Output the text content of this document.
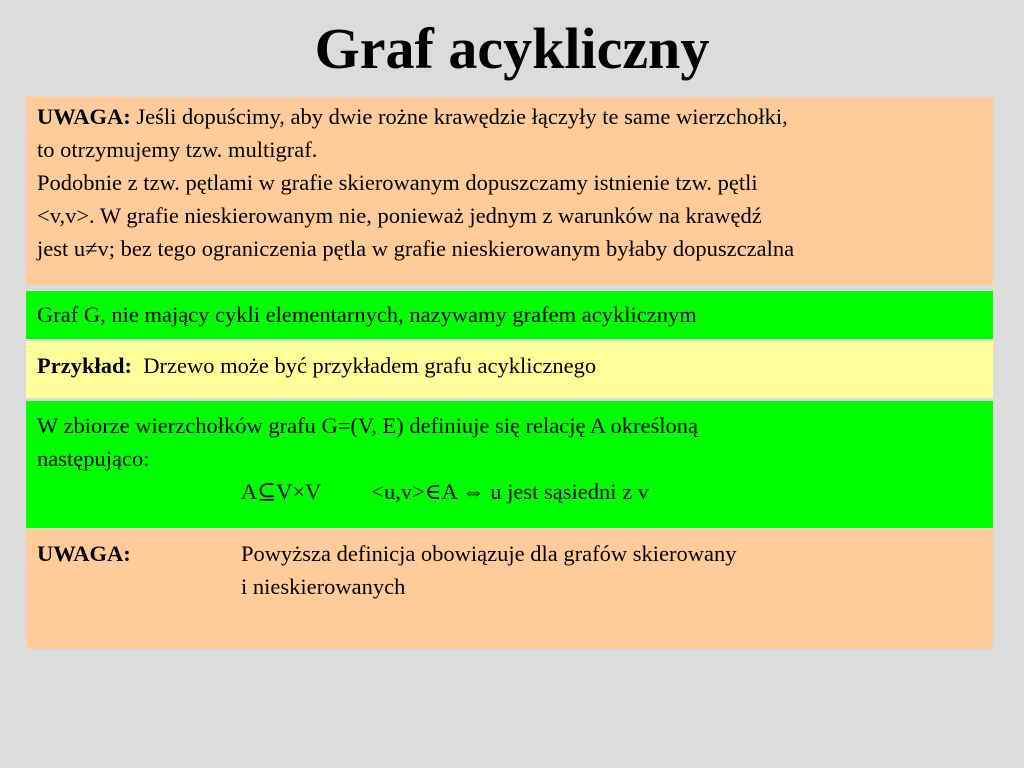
Graf acykliczny
UWAGA: Jeśli dopuścimy, aby dwie rożne krawędzie łączyły te same wierzchołki,
to otrzymujemy tzw. multigraf.
Podobnie z tzw. pętlami w grafie skierowanym dopuszczamy istnienie tzw. pętli
<v,v>. W grafie nieskierowanym nie, ponieważ jednym z warunków na krawędź
jest u≠v; bez tego ograniczenia pętla w grafie nieskierowanym byłaby dopuszczalna
Graf G, nie mający cykli elementarnych, nazywamy grafem acyklicznym
Przykład:  Drzewo może być przykładem grafu acyklicznego
W zbiorze wierzchołków grafu G=(V, E) definiuje się relację A określoną
następująco:
A⊆V×V <u,v>∈A ⇔ u jest sąsiedni z v
UWAGA:	Powyższa definicja obowiązuje dla grafów skierowany
i nieskierowanych
